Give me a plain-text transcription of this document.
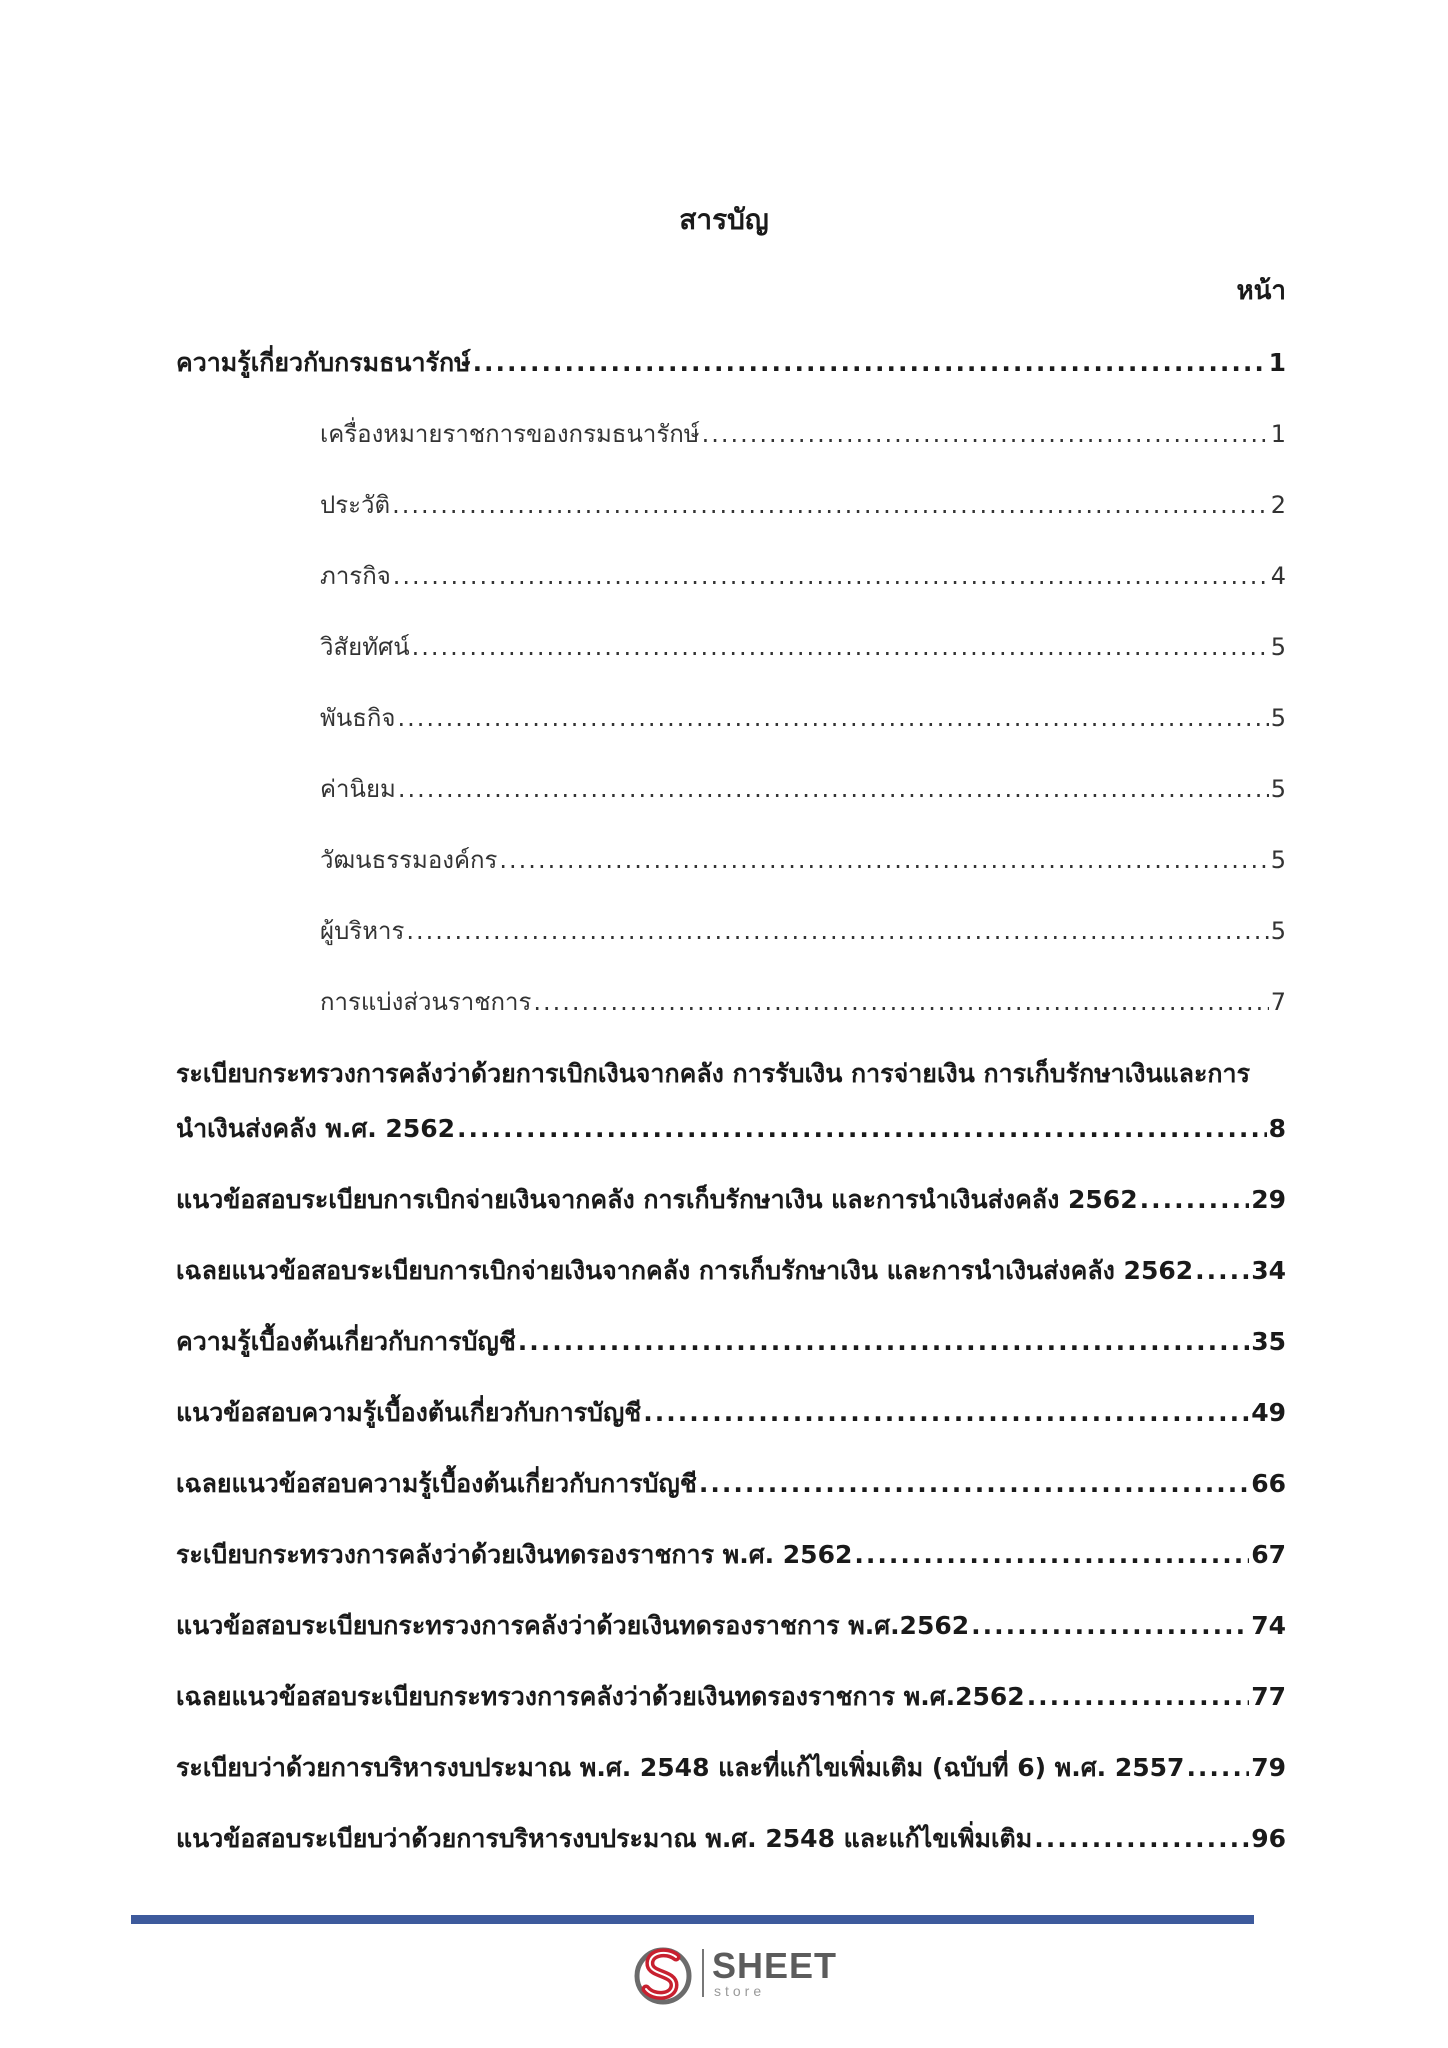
สารบัญ
หน้า
ความรู้เกี่ยวกับกรมธนารักษ์ .....	1
เครื่องหมายราชการของกรมธนารักษ์ .....	1
ประวัติ .....	2
ภารกิจ .....	4
วิสัยทัศน์ .....	5
พันธกิจ .....	5
ค่านิยม .....	5
วัฒนธรรมองค์กร .....	5
ผู้บริหาร .....	5
การแบ่งส่วนราชการ .....	7
ระเบียบกระทรวงการคลังว่าด้วยการเบิกเงินจากคลัง การรับเงิน การจ่ายเงิน การเก็บรักษาเงินและการ
นำเงินส่งคลัง พ.ศ. 2562 .....	8
แนวข้อสอบระเบียบการเบิกจ่ายเงินจากคลัง การเก็บรักษาเงิน และการนำเงินส่งคลัง 2562 .....	29
เฉลยแนวข้อสอบระเบียบการเบิกจ่ายเงินจากคลัง การเก็บรักษาเงิน และการนำเงินส่งคลัง 2562 ..... 34
ความรู้เบื้องต้นเกี่ยวกับการบัญชี .....	35
แนวข้อสอบความรู้เบื้องต้นเกี่ยวกับการบัญชี .....	49
เฉลยแนวข้อสอบความรู้เบื้องต้นเกี่ยวกับการบัญชี .....	66
ระเบียบกระทรวงการคลังว่าด้วยเงินทดรองราชการ พ.ศ. 2562 .....	67
แนวข้อสอบระเบียบกระทรวงการคลังว่าด้วยเงินทดรองราชการ พ.ศ.2562 .....	74
เฉลยแนวข้อสอบระเบียบกระทรวงการคลังว่าด้วยเงินทดรองราชการ พ.ศ.2562 .....	77
ระเบียบว่าด้วยการบริหารงบประมาณ พ.ศ. 2548 และที่แก้ไขเพิ่มเติม (ฉบับที่ 6) พ.ศ. 2557 .....	79
แนวข้อสอบระเบียบว่าด้วยการบริหารงบประมาณ พ.ศ. 2548 และแก้ไขเพิ่มเติม .....	96
SHEET
store
